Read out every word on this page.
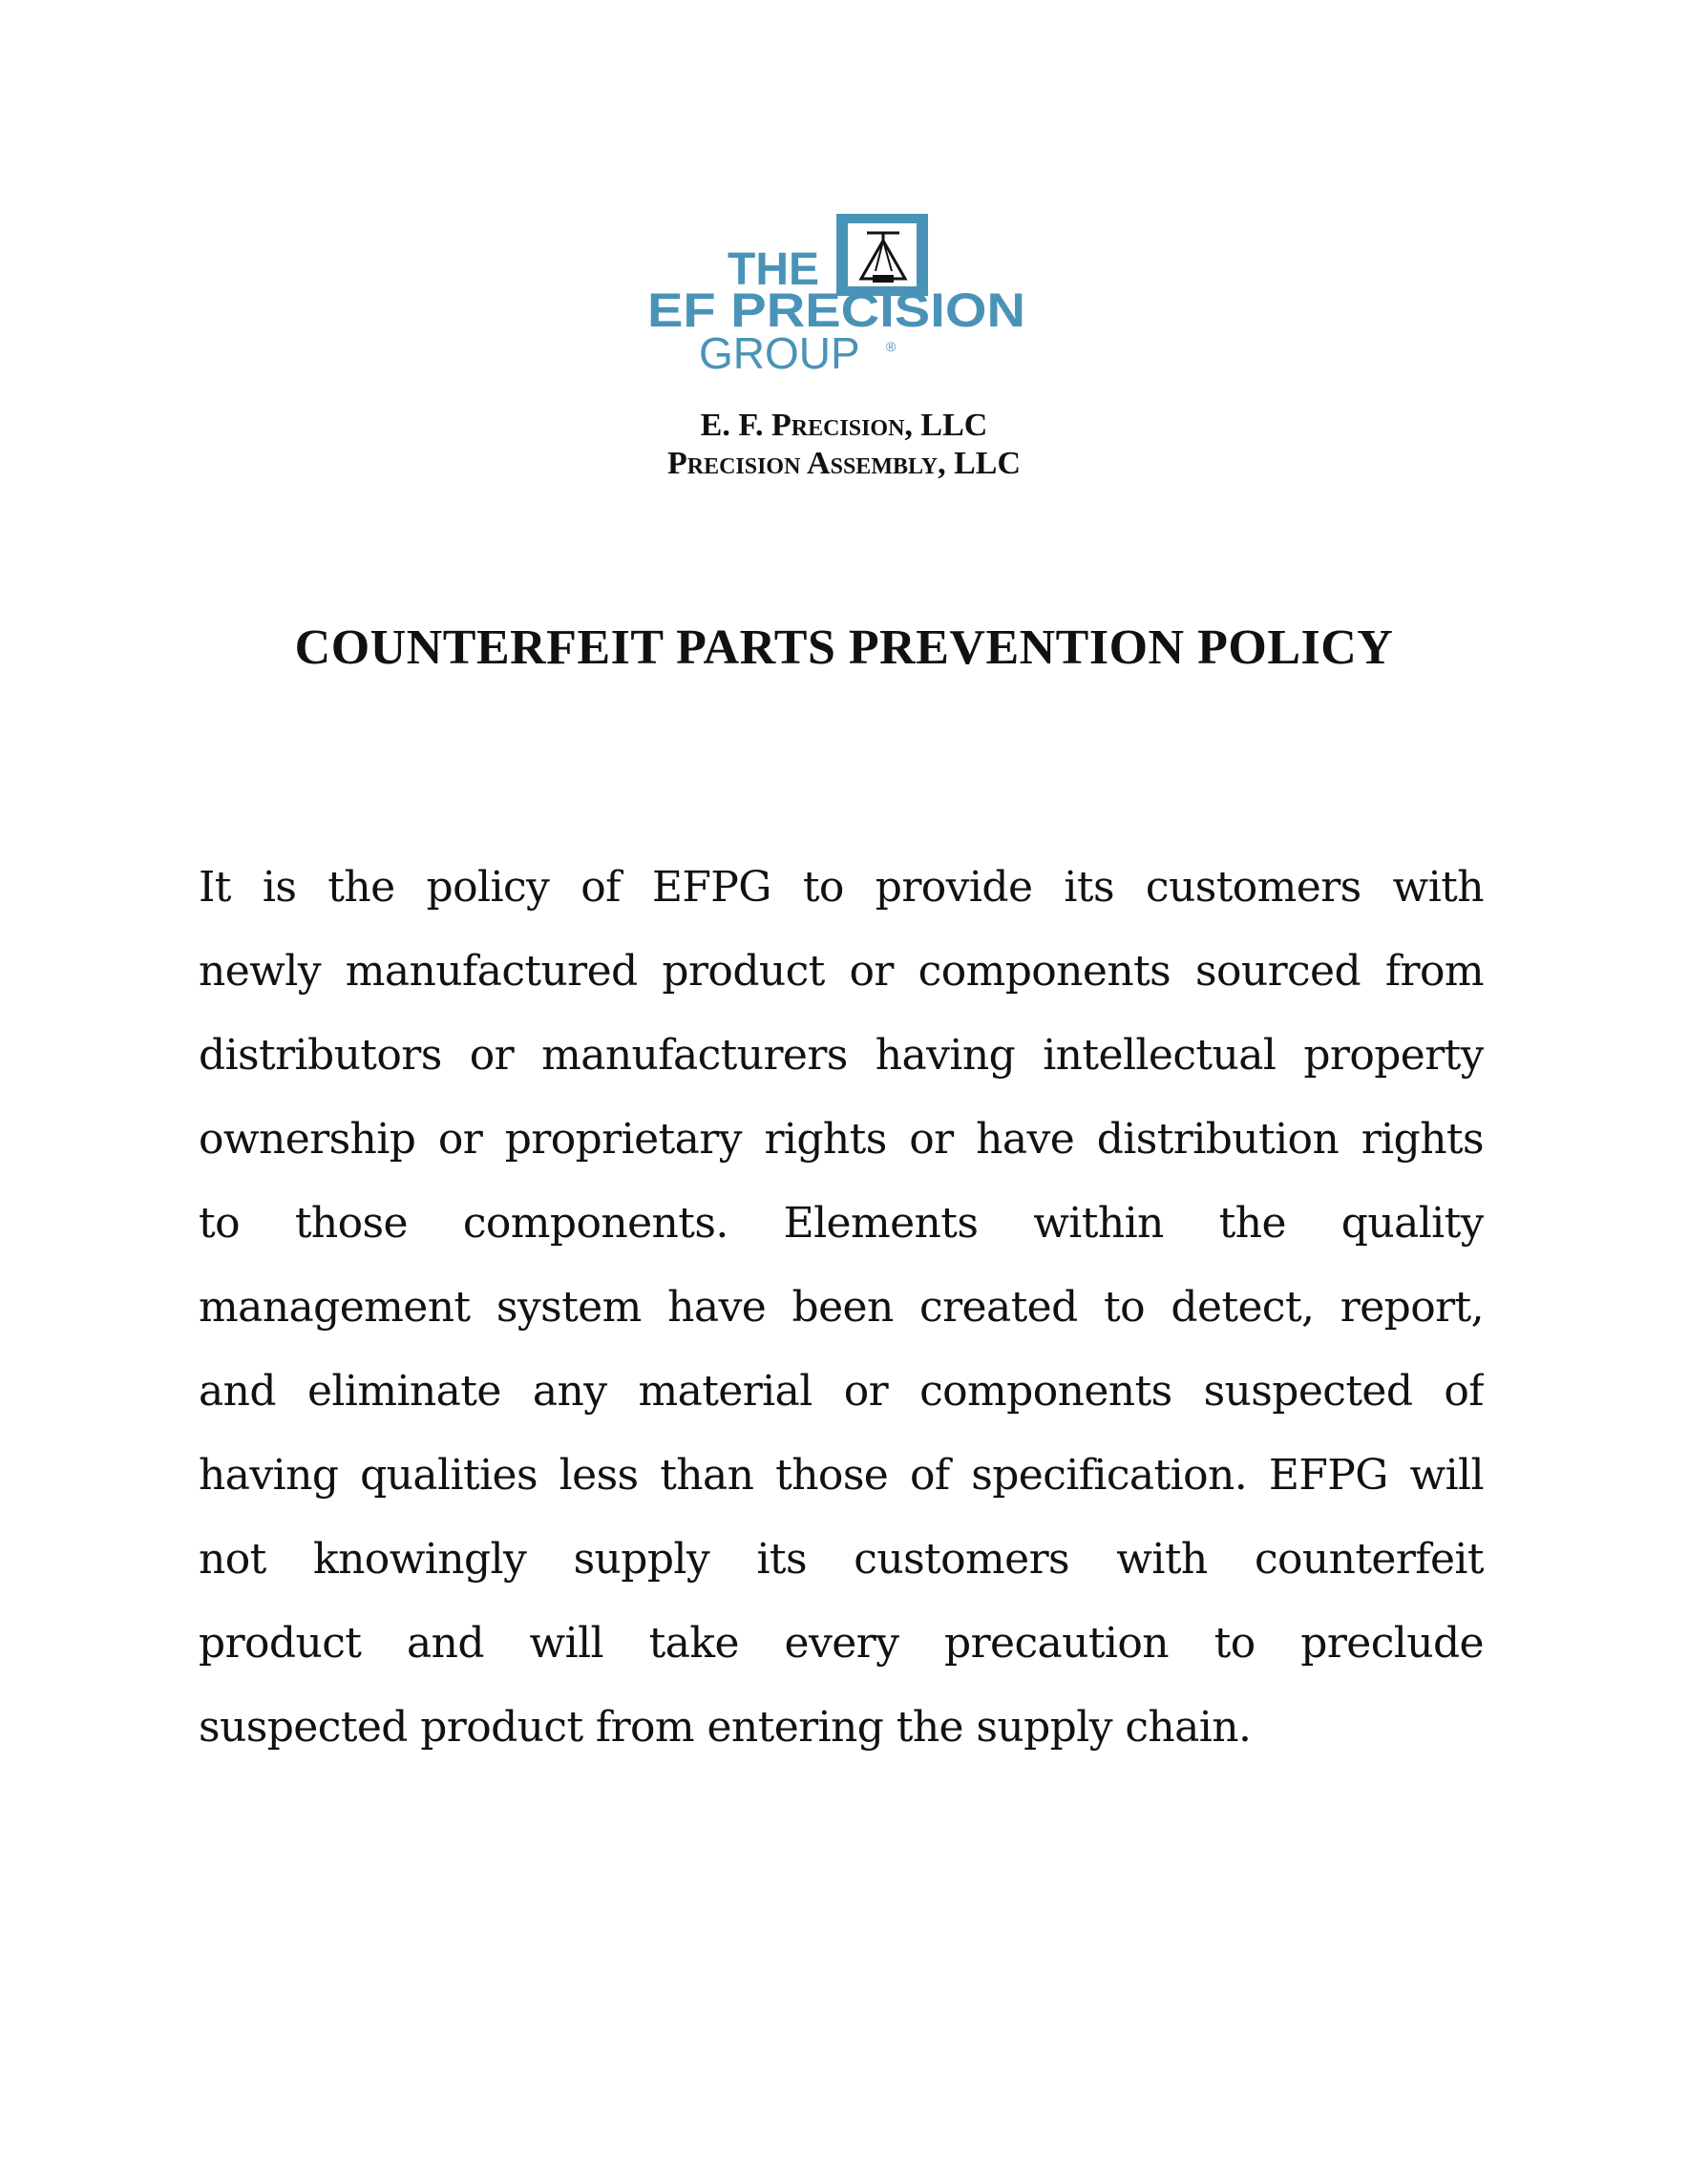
THE
EF PRECISION
GROUP ®
E. F. Precision, LLC
Precision Assembly, LLC
COUNTERFEIT PARTS PREVENTION POLICY
It is the policy of EFPG to provide its customers with
newly manufactured product or components sourced from
distributors or manufacturers having intellectual property
ownership or proprietary rights or have distribution rights
to those components. Elements within the quality
management system have been created to detect, report,
and eliminate any material or components suspected of
having qualities less than those of specification. EFPG will
not knowingly supply its customers with counterfeit
product and will take every precaution to preclude
suspected product from entering the supply chain.
